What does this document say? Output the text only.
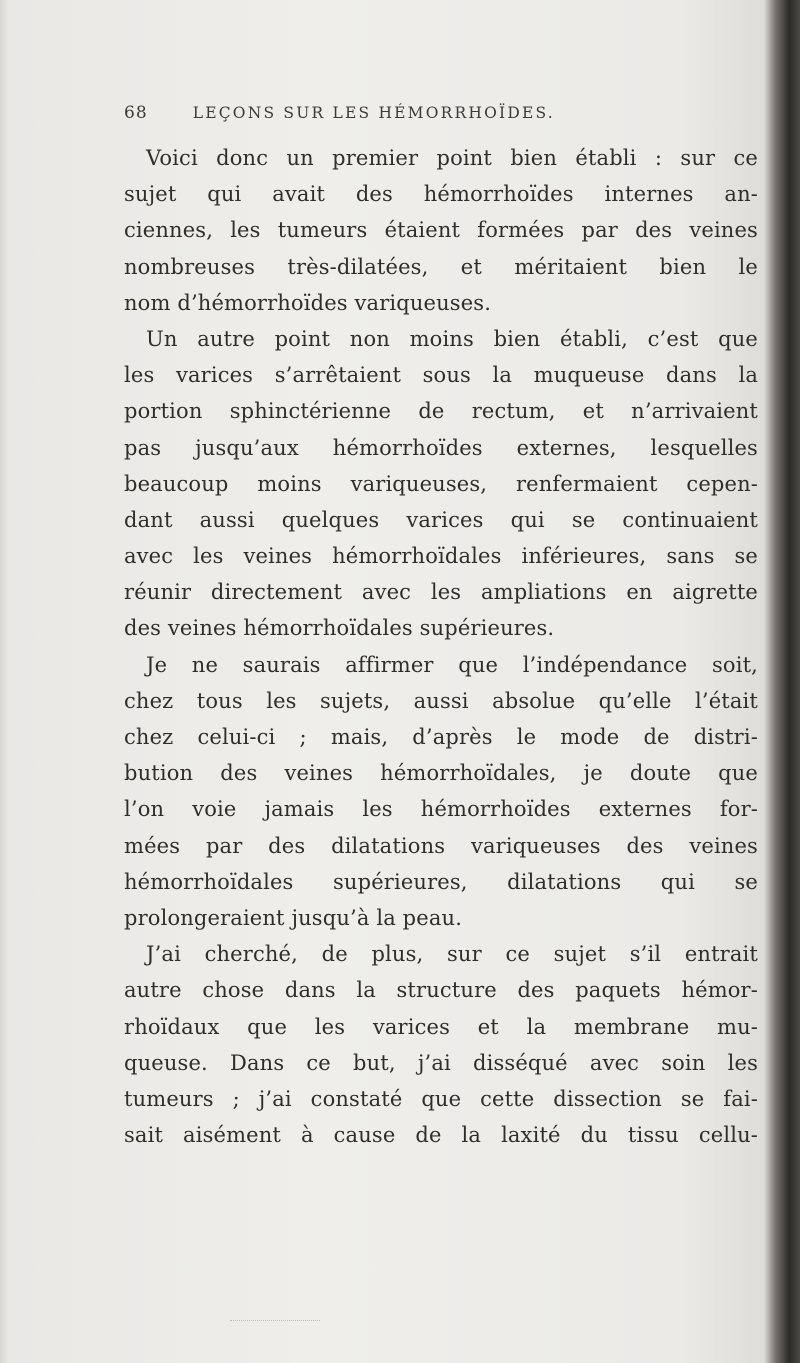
68	LEÇONS SUR LES HÉMORRHOÏDES.
Voici donc un premier point bien établi : sur ce
sujet qui avait des hémorrhoïdes internes an-
ciennes, les tumeurs étaient formées par des veines
nombreuses très-dilatées, et méritaient bien le
nom d’hémorrhoïdes variqueuses.
Un autre point non moins bien établi, c’est que
les varices s’arrêtaient sous la muqueuse dans la
portion sphinctérienne de rectum, et n’arrivaient
pas jusqu’aux hémorrhoïdes externes, lesquelles
beaucoup moins variqueuses, renfermaient cepen-
dant aussi quelques varices qui se continuaient
avec les veines hémorrhoïdales inférieures, sans se
réunir directement avec les ampliations en aigrette
des veines hémorrhoïdales supérieures.
Je ne saurais affirmer que l’indépendance soit,
chez tous les sujets, aussi absolue qu’elle l’était
chez celui-ci ; mais, d’après le mode de distri-
bution des veines hémorrhoïdales, je doute que
l’on voie jamais les hémorrhoïdes externes for-
mées par des dilatations variqueuses des veines
hémorrhoïdales supérieures, dilatations qui se
prolongeraient jusqu’à la peau.
J’ai cherché, de plus, sur ce sujet s’il entrait
autre chose dans la structure des paquets hémor-
rhoïdaux que les varices et la membrane mu-
queuse. Dans ce but, j’ai disséqué avec soin les
tumeurs ; j’ai constaté que cette dissection se fai-
sait aisément à cause de la laxité du tissu cellu-
